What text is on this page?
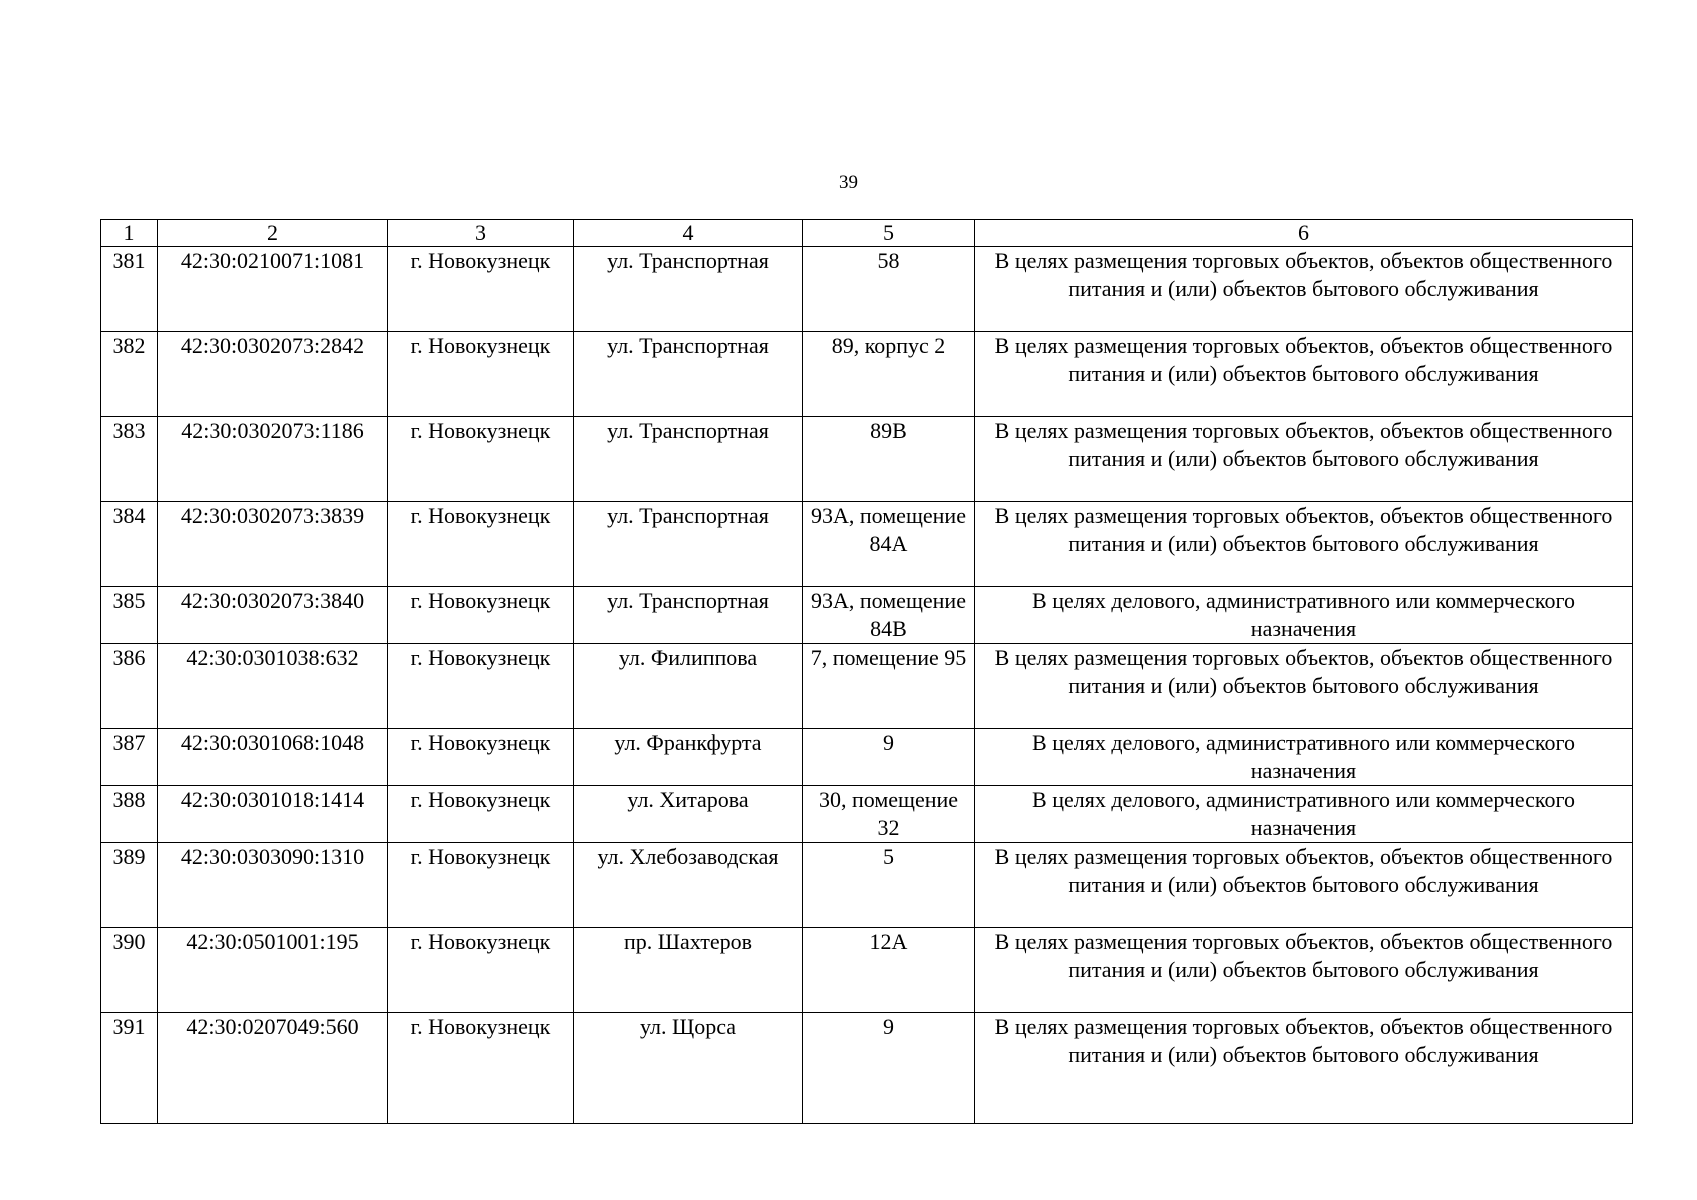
39
1	2	3	4	5	6
381	42:30:0210071:1081	г. Новокузнецк	ул. Транспортная	58	В целях размещения торговых объектов, объектов общественного питания и (или) объектов бытового обслуживания
382	42:30:0302073:2842	г. Новокузнецк	ул. Транспортная	89, корпус 2	В целях размещения торговых объектов, объектов общественного питания и (или) объектов бытового обслуживания
383	42:30:0302073:1186	г. Новокузнецк	ул. Транспортная	89В	В целях размещения торговых объектов, объектов общественного питания и (или) объектов бытового обслуживания
384	42:30:0302073:3839	г. Новокузнецк	ул. Транспортная	93А, помещение 84А	В целях размещения торговых объектов, объектов общественного питания и (или) объектов бытового обслуживания
385	42:30:0302073:3840	г. Новокузнецк	ул. Транспортная	93А, помещение 84В	В целях делового, административного или коммерческого назначения
386	42:30:0301038:632	г. Новокузнецк	ул. Филиппова	7, помещение 95	В целях размещения торговых объектов, объектов общественного питания и (или) объектов бытового обслуживания
387	42:30:0301068:1048	г. Новокузнецк	ул. Франкфурта	9	В целях делового, административного или коммерческого назначения
388	42:30:0301018:1414	г. Новокузнецк	ул. Хитарова	30, помещение 32	В целях делового, административного или коммерческого назначения
389	42:30:0303090:1310	г. Новокузнецк	ул. Хлебозаводская	5	В целях размещения торговых объектов, объектов общественного питания и (или) объектов бытового обслуживания
390	42:30:0501001:195	г. Новокузнецк	пр. Шахтеров	12А	В целях размещения торговых объектов, объектов общественного питания и (или) объектов бытового обслуживания
391	42:30:0207049:560	г. Новокузнецк	ул. Щорса	9	В целях размещения торговых объектов, объектов общественного питания и (или) объектов бытового обслуживания
